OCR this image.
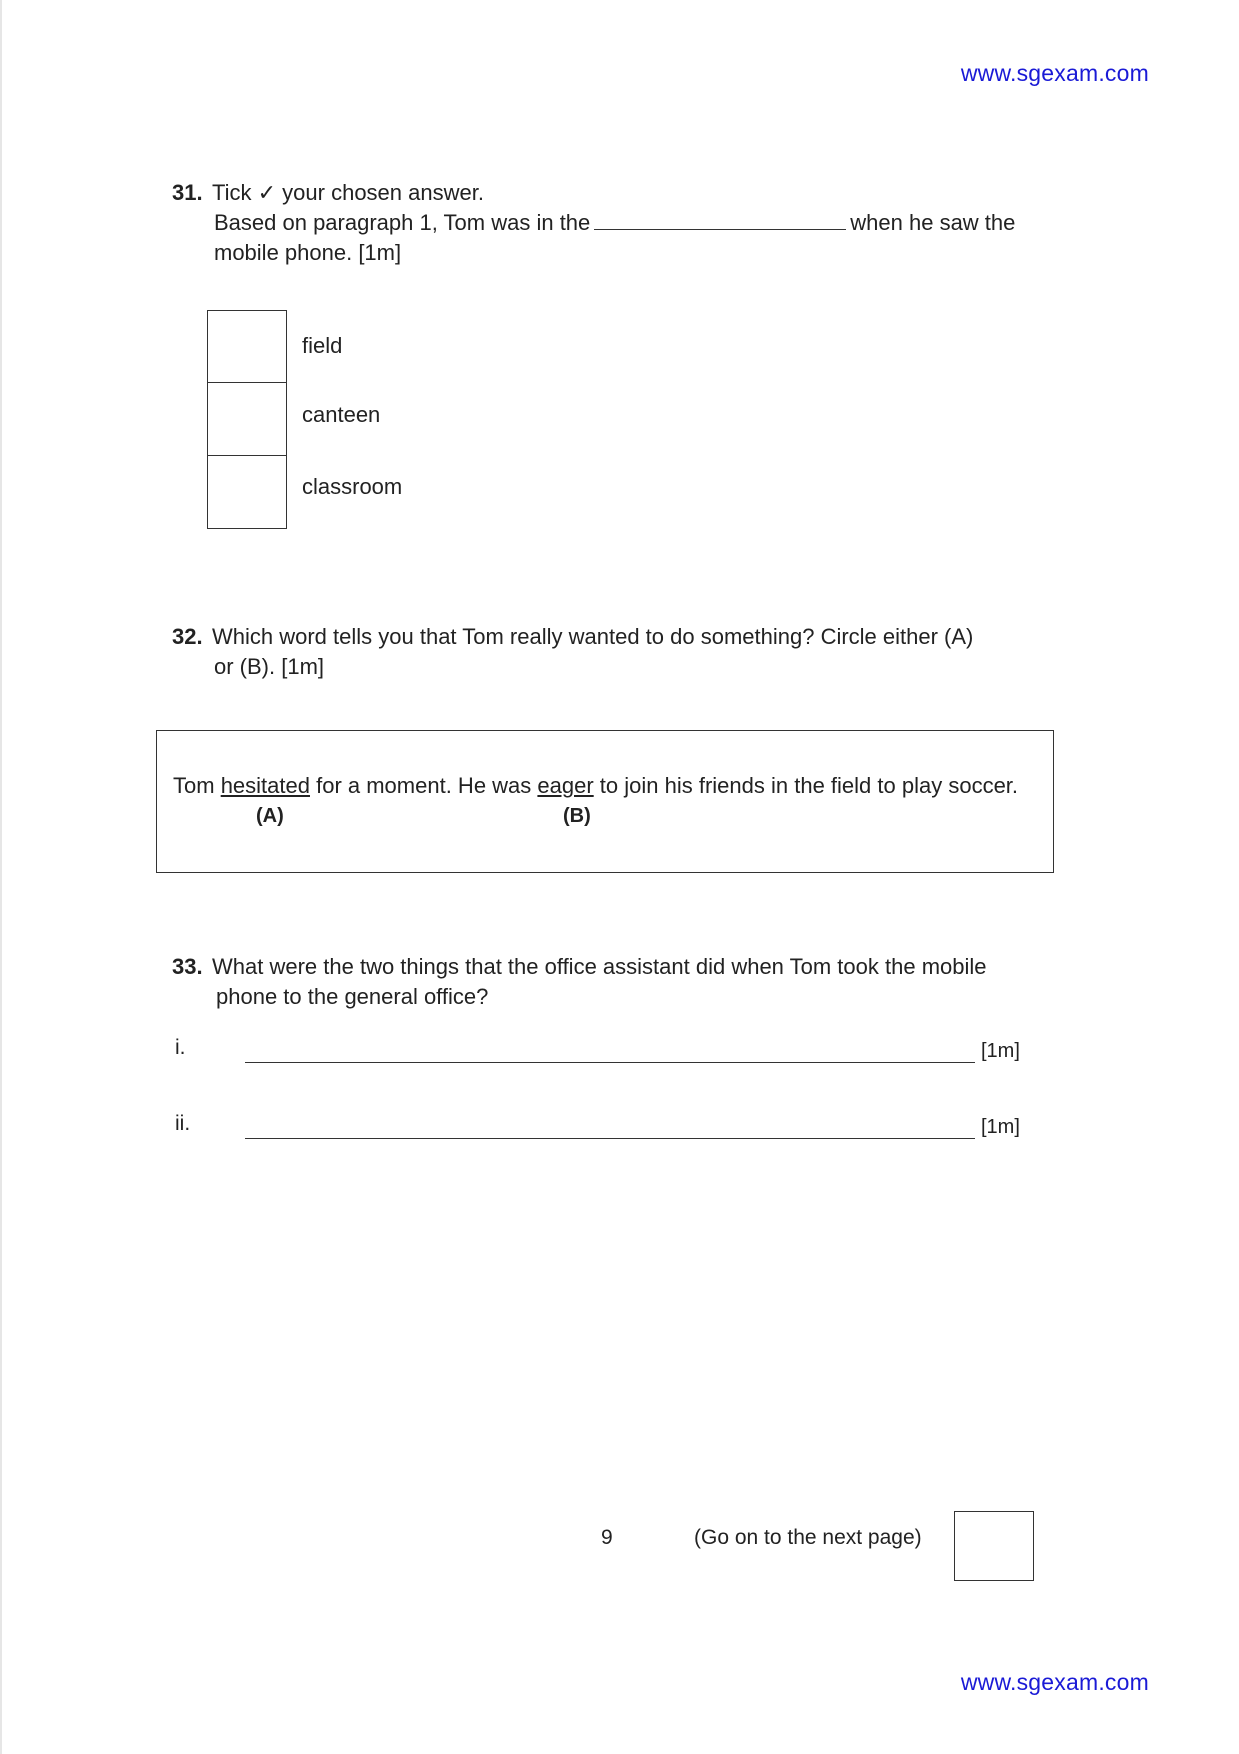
www.sgexam.com
31. Tick ✓ your chosen answer.
Based on paragraph 1, Tom was in the	when he saw the
mobile phone. [1m]
field
canteen
classroom
32. Which word tells you that Tom really wanted to do something? Circle either (A)
or (B). [1m]
Tom hesitated for a moment. He was eager to join his friends in the field to play soccer.
(A)	(B)
33. What were the two things that the office assistant did when Tom took the mobile
phone to the general office?
i.	[1m]
ii.	[1m]
9	(Go on to the next page)
www.sgexam.com
